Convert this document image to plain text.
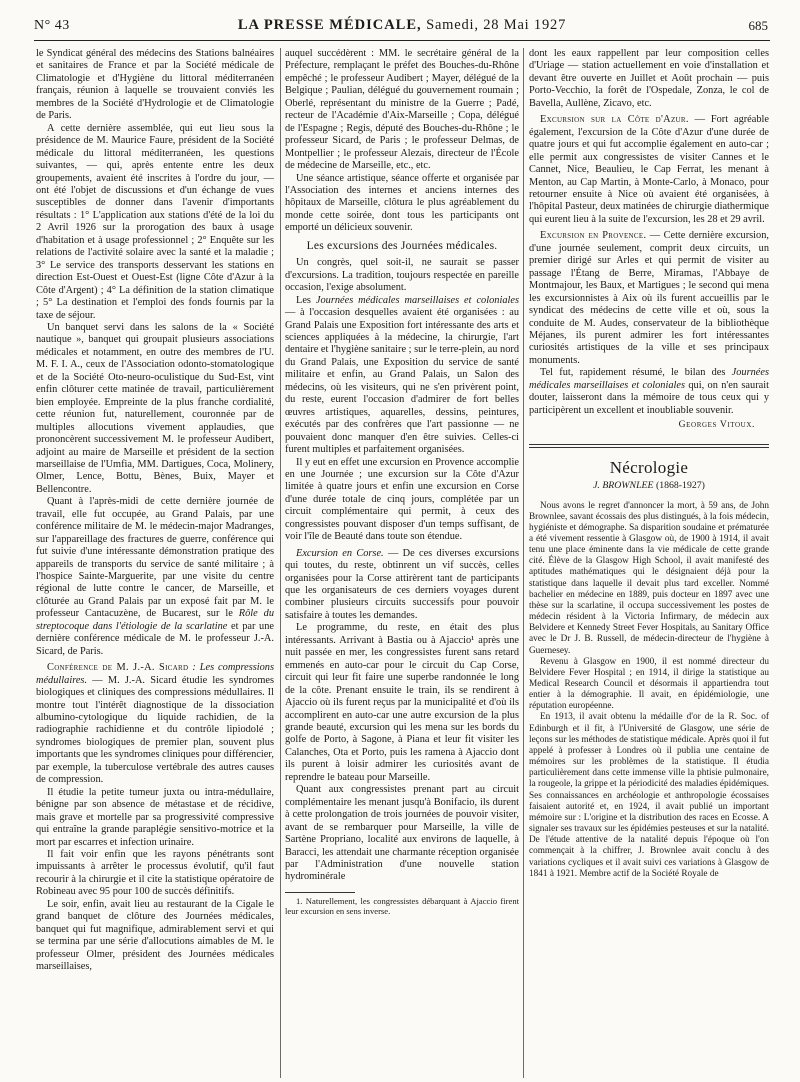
N° 43	LA PRESSE MÉDICALE, Samedi, 28 Mai 1927	685

le Syndicat général des médecins des Stations balnéaires et sanitaires de France et par la Société médicale de Climatologie et d'Hygiène du littoral méditerranéen français, réunion à laquelle se trouvaient conviés les membres de la Société d'Hydrologie et de Climatologie de Paris.

A cette dernière assemblée, qui eut lieu sous la présidence de M. Maurice Faure, président de la Société médicale du littoral méditerranéen, les questions suivantes, — qui, après entente entre les deux groupements, avaient été inscrites à l'ordre du jour, — ont été l'objet de discussions et d'un échange de vues susceptibles de donner dans l'avenir d'importants résultats : 1° L'application aux stations d'été de la loi du 2 Avril 1926 sur la prorogation des baux à usage d'habitation et à usage professionnel ; 2° Enquête sur les relations de l'activité solaire avec la santé et la maladie ; 3° Le service des transports desservant les stations en direction Est-Ouest et Ouest-Est (ligne Côte d'Azur à la Côte d'Argent) ; 4° La définition de la station climatique ; 5° La destination et l'emploi des fonds fournis par la taxe de séjour.

Un banquet servi dans les salons de la « Société nautique », banquet qui groupait plusieurs associations médicales et notamment, en outre des membres de l'U. M. F. I. A., ceux de l'Association odonto-stomatologique et de la Société Oto-neuro-oculistique du Sud-Est, vint enfin clôturer cette matinée de travail, particulièrement bien employée. Empreinte de la plus franche cordialité, cette réunion fut, naturellement, couronnée par de multiples allocutions vivement applaudies, que prononcèrent successivement M. le professeur Audibert, adjoint au maire de Marseille et président de la section marseillaise de l'Umfia, MM. Dartigues, Coca, Molinery, Olmer, Lence, Bottu, Bènes, Buix, Mayer et Bellencontre.

Quant à l'après-midi de cette dernière journée de travail, elle fut occupée, au Grand Palais, par une conférence militaire de M. le médecin-major Madranges, sur l'appareillage des fractures de guerre, conférence qui fut suivie d'une intéressante démonstration pratique des appareils de transports du service de santé militaire ; à l'hospice Sainte-Marguerite, par une visite du centre régional de lutte contre le cancer, de Marseille, et clôturée au Grand Palais par un exposé fait par M. le professeur Cantacuzène, de Bucarest, sur le Rôle du streptocoque dans l'étiologie de la scarlatine et par une dernière conférence médicale de M. le professeur J.-A. Sicard, de Paris.

Conférence de M. J.-A. Sicard : Les compressions médullaires. — M. J.-A. Sicard étudie les syndromes biologiques et cliniques des compressions médullaires. Il montre tout l'intérêt diagnostique de la dissociation albumino-cytologique du liquide rachidien, de la radiographie rachidienne et du contrôle lipiodolé ; syndromes biologiques de premier plan, souvent plus importants que les syndromes cliniques pour différencier, par exemple, la tuberculose vertébrale des autres causes de compression.

Il étudie la petite tumeur juxta ou intra-médullaire, bénigne par son absence de métastase et de récidive, mais grave et mortelle par sa progressivité compressive qui entraîne la grande paraplégie sensitivo-motrice et la mort par escarres et infection urinaire.

Il fait voir enfin que les rayons pénétrants sont impuissants à arrêter le processus évolutif, qu'il faut recourir à la chirurgie et il cite la statistique opératoire de Robineau avec 95 pour 100 de succès définitifs.

Le soir, enfin, avait lieu au restaurant de la Cigale le grand banquet de clôture des Journées médicales, banquet qui fut magnifique, admirablement servi et qui se termina par une série d'allocutions aimables de M. le professeur Olmer, président des Journées médicales marseillaises,

auquel succédèrent : MM. le secrétaire général de la Préfecture, remplaçant le préfet des Bouches-du-Rhône empêché ; le professeur Audibert ; Mayer, délégué de la Belgique ; Paulian, délégué du gouvernement roumain ; Oberlé, représentant du ministre de la Guerre ; Padé, recteur de l'Académie d'Aix-Marseille ; Copa, délégué de l'Espagne ; Regis, député des Bouches-du-Rhône ; le professeur Sicard, de Paris ; le professeur Delmas, de Montpellier ; le professeur Alezais, directeur de l'École de médecine de Marseille, etc., etc.

Une séance artistique, séance offerte et organisée par l'Association des internes et anciens internes des hôpitaux de Marseille, clôtura le plus agréablement du monde cette soirée, dont tous les participants ont emporté un délicieux souvenir.

Les excursions des Journées médicales.

Un congrès, quel soit-il, ne saurait se passer d'excursions. La tradition, toujours respectée en pareille occasion, l'exige absolument.

Les Journées médicales marseillaises et coloniales — à l'occasion desquelles avaient été organisées : au Grand Palais une Exposition fort intéressante des arts et sciences appliquées à la médecine, la chirurgie, l'art dentaire et l'hygiène sanitaire ; sur le terre-plein, au nord du Grand Palais, une Exposition du service de santé militaire et enfin, au Grand Palais, un Salon des médecins, où les visiteurs, qui ne s'en privèrent point, du reste, eurent l'occasion d'admirer de fort belles œuvres artistiques, aquarelles, dessins, peintures, exécutés par des confrères que l'art passionne — ne pouvaient donc manquer d'en être suivies. Celles-ci furent multiples et parfaitement organisées.

Il y eut en effet une excursion en Provence accomplie en une Journée ; une excursion sur la Côte d'Azur limitée à quatre jours et enfin une excursion en Corse d'une durée totale de cinq jours, complétée par un circuit complémentaire qui permit, à ceux des congressistes pouvant disposer d'un temps suffisant, de voir l'île de Beauté dans toute son étendue.

Excursion en Corse. — De ces diverses excursions qui toutes, du reste, obtinrent un vif succès, celles organisées pour la Corse attirèrent tant de participants que les organisateurs de ces derniers voyages durent combiner plusieurs circuits successifs pour pouvoir satisfaire à toutes les demandes.

Le programme, du reste, en était des plus intéressants. Arrivant à Bastia ou à Ajaccio¹ après une nuit passée en mer, les congressistes furent sans retard emmenés en auto-car pour le circuit du Cap Corse, circuit qui leur fit faire une superbe randonnée le long de la côte. Prenant ensuite le train, ils se rendirent à Ajaccio où ils furent reçus par la municipalité et d'où ils accomplirent en auto-car une autre excursion de la plus grande beauté, excursion qui les mena sur les bords du golfe de Porto, à Sagone, à Piana et leur fit visiter les Calanches, Ota et Porto, puis les ramena à Ajaccio dont ils purent à loisir admirer les curiosités avant de reprendre le bateau pour Marseille.

Quant aux congressistes prenant part au circuit complémentaire les menant jusqu'à Bonifacio, ils durent à cette prolongation de trois journées de pouvoir visiter, avant de se rembarquer pour Marseille, la ville de Sartène Propriano, localité aux environs de laquelle, à Baracci, les attendait une charmante réception organisée par l'Administration d'une nouvelle station hydrominérale

1. Naturellement, les congressistes débarquant à Ajaccio firent leur excursion en sens inverse.

dont les eaux rappellent par leur composition celles d'Uriage — station actuellement en voie d'installation et devant être ouverte en Juillet et Août prochain — puis Porto-Vecchio, la forêt de l'Ospedale, Zonza, le col de Bavella, Aullène, Zicavo, etc.

Excursion sur la Côte d'Azur. — Fort agréable également, l'excursion de la Côte d'Azur d'une durée de quatre jours et qui fut accomplie également en auto-car ; elle permit aux congressistes de visiter Cannes et le Cannet, Nice, Beaulieu, le Cap Ferrat, les menant à Menton, au Cap Martin, à Monte-Carlo, à Monaco, pour retourner ensuite à Nice où avaient été organisées, à l'hôpital Pasteur, deux matinées de chirurgie diathermique qui eurent lieu à la suite de l'excursion, les 28 et 29 avril.

Excursion en Provence. — Cette dernière excursion, d'une journée seulement, comprit deux circuits, un premier dirigé sur Arles et qui permit de visiter au passage l'Étang de Berre, Miramas, l'Abbaye de Montmajour, les Baux, et Martigues ; le second qui mena les excursionnistes à Aix où ils furent accueillis par le syndicat des médecins de cette ville et où, sous la conduite de M. Audes, conservateur de la bibliothèque Méjanes, ils purent admirer les fort intéressantes curiosités artistiques de la ville et ses principaux monuments.

Tel fut, rapidement résumé, le bilan des Journées médicales marseillaises et coloniales qui, on n'en saurait douter, laisseront dans la mémoire de tous ceux qui y participèrent un excellent et inoubliable souvenir.

Georges Vitoux.
Nécrologie
J. BROWNLEE (1868-1927)

Nous avons le regret d'annoncer la mort, à 59 ans, de John Brownlee, savant écossais des plus distingués, à la fois médecin, hygiéniste et démographe. Sa disparition soudaine et prématurée a été vivement ressentie à Glasgow où, de 1900 à 1914, il avait tenu une place éminente dans la vie médicale de cette grande cité. Élève de la Glasgow High School, il avait manifesté des aptitudes mathématiques qui le désignaient déjà pour la statistique dans laquelle il devait plus tard exceller. Nommé bachelier en médecine en 1889, puis docteur en 1897 avec une thèse sur la scarlatine, il occupa successivement les postes de médecin résident à la Victoria Infirmary, de médecin aux Belvidere et Kennedy Street Fever Hospitals, au Sanitary Office avec le Dr J. B. Russell, de médecin-directeur de l'hygiène à Guernesey.

Revenu à Glasgow en 1900, il est nommé directeur du Belvidere Fever Hospital ; en 1914, il dirige la statistique au Medical Research Council et désormais il appartiendra tout entier à la démographie. Il avait, en épidémiologie, une réputation européenne.

En 1913, il avait obtenu la médaille d'or de la R. Soc. of Edinburgh et il fit, à l'Université de Glasgow, une série de leçons sur les méthodes de statistique médicale. Après quoi il fut appelé à professer à Londres où il publia une centaine de mémoires sur les problèmes de la statistique. Il étudia particulièrement dans cette immense ville la phtisie pulmonaire, la rougeole, la grippe et la périodicité des maladies épidémiques. Ses connaissances en archéologie et anthropologie écossaises faisaient autorité et, en 1924, il avait publié un important mémoire sur : L'origine et la distribution des races en Ecosse. A signaler ses travaux sur les épidémies pesteuses et sur la natalité. De l'étude attentive de la natalité depuis l'époque où l'on commençait à la chiffrer, J. Brownlee avait conclu à des variations cycliques et il avait suivi ces variations à Glasgow de 1841 à 1921. Membre actif de la Société Royale de
